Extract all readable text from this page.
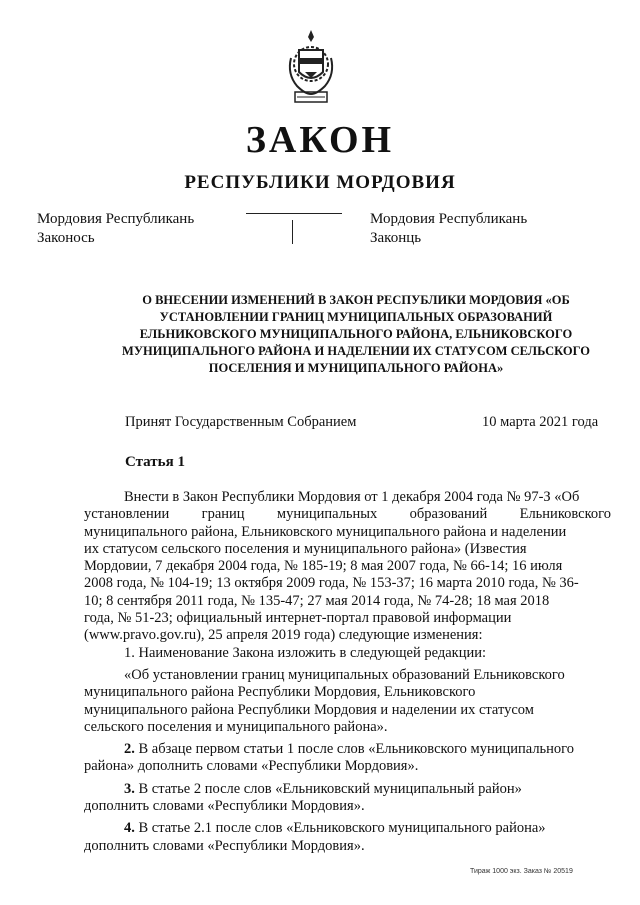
ЗАКОН
РЕСПУБЛИКИ МОРДОВИЯ
Мордовия Республикань
Законось
Мордовия Республикань
Законць
О ВНЕСЕНИИ ИЗМЕНЕНИЙ В ЗАКОН РЕСПУБЛИКИ МОРДОВИЯ «ОБ
УСТАНОВЛЕНИИ ГРАНИЦ МУНИЦИПАЛЬНЫХ ОБРАЗОВАНИЙ
ЕЛЬНИКОВСКОГО МУНИЦИПАЛЬНОГО РАЙОНА, ЕЛЬНИКОВСКОГО
МУНИЦИПАЛЬНОГО РАЙОНА И НАДЕЛЕНИИ ИХ СТАТУСОМ СЕЛЬСКОГО
ПОСЕЛЕНИЯ И МУНИЦИПАЛЬНОГО РАЙОНА»
Принят Государственным Собранием	10 марта 2021 года
Статья 1
Внести в Закон Республики Мордовия от 1 декабря 2004 года № 97-З «Об
установлении границ муниципальных образований Ельниковского
муниципального района, Ельниковского муниципального района и наделении
их статусом сельского поселения и муниципального района» (Известия
Мордовии, 7 декабря 2004 года, № 185-19; 8 мая 2007 года, № 66-14; 16 июля
2008 года, № 104-19; 13 октября 2009 года, № 153-37; 16 марта 2010 года, № 36-
10; 8 сентября 2011 года, № 135-47; 27 мая 2014 года, № 74-28; 18 мая 2018
года, № 51-23; официальный интернет-портал правовой информации
(www.pravo.gov.ru), 25 апреля 2019 года) следующие изменения:
1. Наименование Закона изложить в следующей редакции:
«Об установлении границ муниципальных образований Ельниковского
муниципального района Республики Мордовия, Ельниковского
муниципального района Республики Мордовия и наделении их статусом
сельского поселения и муниципального района».
2. В абзаце первом статьи 1 после слов «Ельниковского муниципального
района» дополнить словами «Республики Мордовия».
3. В статье 2 после слов «Ельниковский муниципальный район»
дополнить словами «Республики Мордовия».
4. В статье 2.1 после слов «Ельниковского муниципального района»
дополнить словами «Республики Мордовия».
Тираж 1000 экз. Заказ № 20519
